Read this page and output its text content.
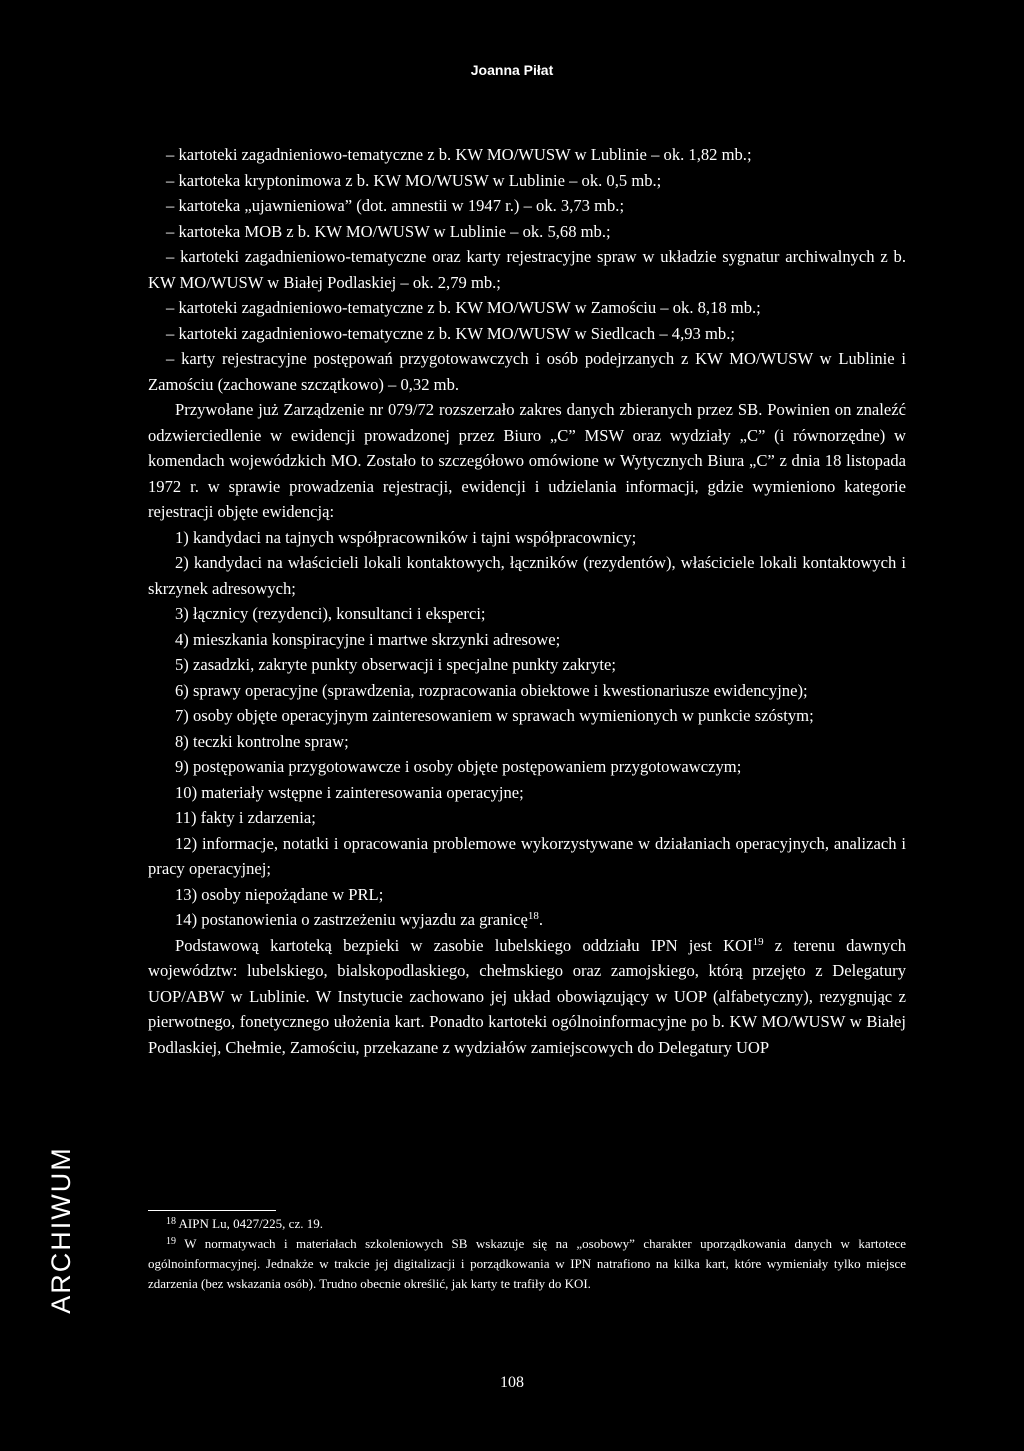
Joanna Piłat

– kartoteki zagadnieniowo-tematyczne z b. KW MO/WUSW w Lublinie – ok. 1,82 mb.;

– kartoteka kryptonimowa z b. KW MO/WUSW w Lublinie – ok. 0,5 mb.;

– kartoteka „ujawnieniowa” (dot. amnestii w 1947 r.) – ok. 3,73 mb.;

– kartoteka MOB z b. KW MO/WUSW w Lublinie – ok. 5,68 mb.;

– kartoteki zagadnieniowo-tematyczne oraz karty rejestracyjne spraw w układzie sygnatur archiwalnych z b. KW MO/WUSW w Białej Podlaskiej – ok. 2,79 mb.;

– kartoteki zagadnieniowo-tematyczne z b. KW MO/WUSW w Zamościu – ok. 8,18 mb.;

– kartoteki zagadnieniowo-tematyczne z b. KW MO/WUSW w Siedlcach – 4,93 mb.;

– karty rejestracyjne postępowań przygotowawczych i osób podejrzanych z KW MO/WUSW w Lublinie i Zamościu (zachowane szczątkowo) – 0,32 mb.

Przywołane już Zarządzenie nr 079/72 rozszerzało zakres danych zbieranych przez SB. Powinien on znaleźć odzwierciedlenie w ewidencji prowadzonej przez Biuro „C” MSW oraz wydziały „C” (i równorzędne) w komendach wojewódzkich MO. Zostało to szczegółowo omówione w Wytycznych Biura „C” z dnia 18 listopada 1972 r. w sprawie prowadzenia rejestracji, ewidencji i udzielania informacji, gdzie wymieniono kategorie rejestracji objęte ewidencją:

1) kandydaci na tajnych współpracowników i tajni współpracownicy;

2) kandydaci na właścicieli lokali kontaktowych, łączników (rezydentów), właściciele lokali kontaktowych i skrzynek adresowych;

3) łącznicy (rezydenci), konsultanci i eksperci;

4) mieszkania konspiracyjne i martwe skrzynki adresowe;

5) zasadzki, zakryte punkty obserwacji i specjalne punkty zakryte;

6) sprawy operacyjne (sprawdzenia, rozpracowania obiektowe i kwestionariusze ewidencyjne);

7) osoby objęte operacyjnym zainteresowaniem w sprawach wymienionych w punkcie szóstym;

8) teczki kontrolne spraw;

9) postępowania przygotowawcze i osoby objęte postępowaniem przygotowawczym;

10) materiały wstępne i zainteresowania operacyjne;

11) fakty i zdarzenia;

12) informacje, notatki i opracowania problemowe wykorzystywane w działaniach operacyjnych, analizach i pracy operacyjnej;

13) osoby niepożądane w PRL;

14) postanowienia o zastrzeżeniu wyjazdu za granicę$^{18}$.

Podstawową kartoteką bezpieki w zasobie lubelskiego oddziału IPN jest KOI$^{19}$ z terenu dawnych województw: lubelskiego, bialskopodlaskiego, chełmskiego oraz zamojskiego, którą przejęto z Delegatury UOP/ABW w Lublinie. W Instytucie zachowano jej układ obowiązujący w UOP (alfabetyczny), rezygnując z pierwotnego, fonetycznego ułożenia kart. Ponadto kartoteki ogólnoinformacyjne po b. KW MO/WUSW w Białej Podlaskiej, Chełmie, Zamościu, przekazane z wydziałów zamiejscowych do Delegatury UOP

$^{18}$ AIPN Lu, 0427/225, cz. 19.

$^{19}$ W normatywach i materiałach szkoleniowych SB wskazuje się na „osobowy” charakter uporządkowania danych w kartotece ogólnoinformacyjnej. Jednakże w trakcie jej digitalizacji i porządkowania w IPN natrafiono na kilka kart, które wymieniały tylko miejsce zdarzenia (bez wskazania osób). Trudno obecnie określić, jak karty te trafiły do KOI.

108
ARCHIWUM
